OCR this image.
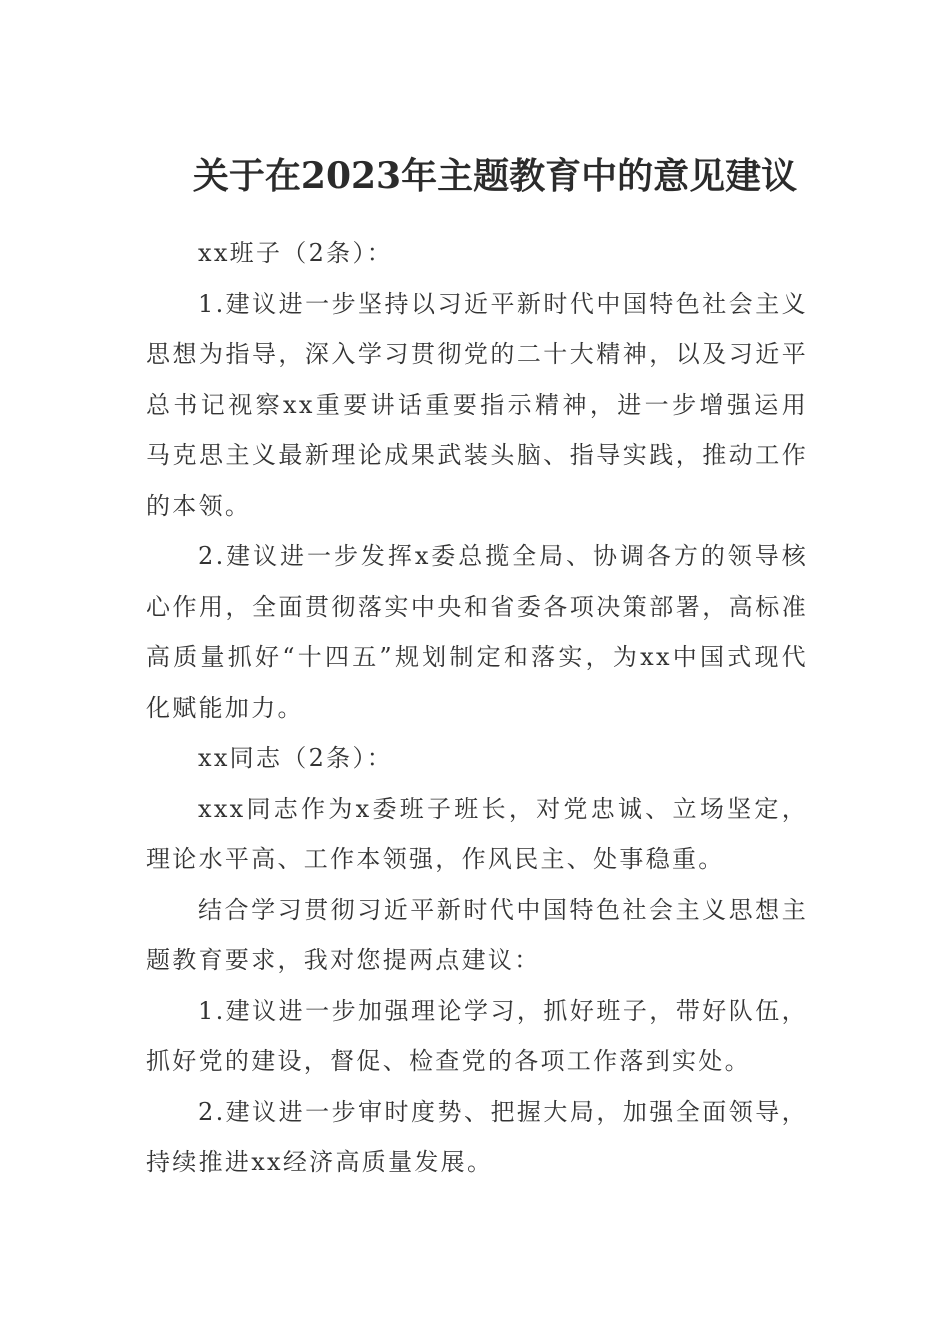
关于在2023年主题教育中的意见建议

xx班子（2条）：

1.建议进一步坚持以习近平新时代中国特色社会主义思想为指导，深入学习贯彻党的二十大精神，以及习近平总书记视察xx重要讲话重要指示精神，进一步增强运用马克思主义最新理论成果武装头脑、指导实践，推动工作的本领。

2.建议进一步发挥x委总揽全局、协调各方的领导核心作用，全面贯彻落实中央和省委各项决策部署，高标准高质量抓好“十四五”规划制定和落实，为xx中国式现代化赋能加力。

xx同志（2条）：

xxx同志作为x委班子班长，对党忠诚、立场坚定，理论水平高、工作本领强，作风民主、处事稳重。

结合学习贯彻习近平新时代中国特色社会主义思想主题教育要求，我对您提两点建议：

1.建议进一步加强理论学习，抓好班子，带好队伍，抓好党的建设，督促、检查党的各项工作落到实处。

2.建议进一步审时度势、把握大局，加强全面领导，持续推进xx经济高质量发展。
